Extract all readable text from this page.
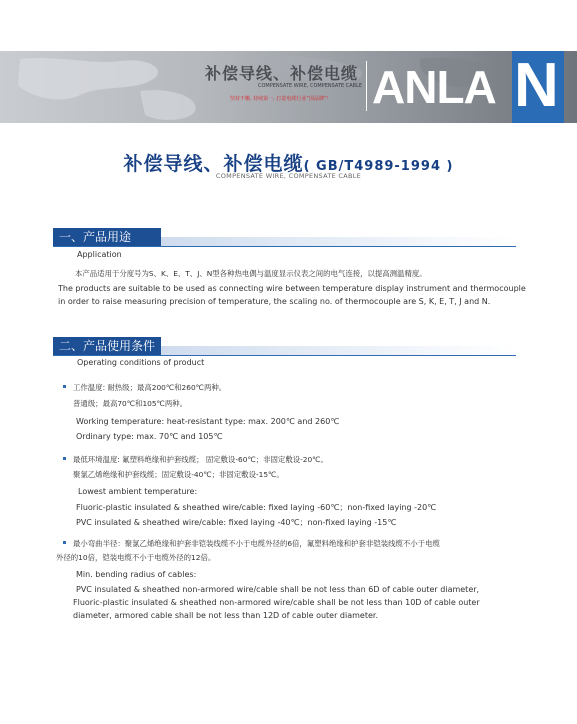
补偿导线、补偿电缆
COMPENSATE WIRE, COMPENSATE CABLE
坚持不懈, 持续第一, 打造电缆行业“国品牌”！ ANLA N
补偿导线、补偿电缆( GB/T4989-1994 )
COMPENSATE WIRE, COMPENSATE CABLE
一、产品用途
Application
本产品适用于分度号为S、K、E、T、J、N型各种热电偶与温度显示仪表之间的电气连接，以提高测温精度。
The products are suitable to be used as connecting wire between temperature display instrument and thermocouple
in order to raise measuring precision of temperature, the scaling no. of thermocouple are S, K, E, T, J and N.
二、产品使用条件
Operating conditions of product
工作温度: 耐热级；最高200℃和260℃两种。
普通级；最高70℃和105℃两种。
Working temperature: heat-resistant type: max. 200℃ and 260℃
Ordinary type: max. 70℃ and 105℃
最低环境温度: 氟塑料绝缘和护套线缆； 固定敷设-60℃；非固定敷设-20℃。
聚氯乙烯绝缘和护套线缆；固定敷设-40℃；非固定敷设-15℃。
Lowest ambient temperature:
Fluoric-plastic insulated & sheathed wire/cable: fixed laying -60℃；non-fixed laying -20℃
PVC insulated & sheathed wire/cable: fixed laying -40℃；non-fixed laying -15℃
最小弯曲半径：聚氯乙烯绝缘和护套非铠装线缆不小于电缆外径的6倍，氟塑料绝缘和护套非铠装线缆不小于电缆
外径的10倍，铠装电缆不小于电缆外径的12倍。
Min. bending radius of cables:
PVC insulated & sheathed non-armored wire/cable shall be not less than 6D of cable outer diameter,
Fluoric-plastic insulated & sheathed non-armored wire/cable shall be not less than 10D of cable outer
diameter, armored cable shall be not less than 12D of cable outer diameter.
